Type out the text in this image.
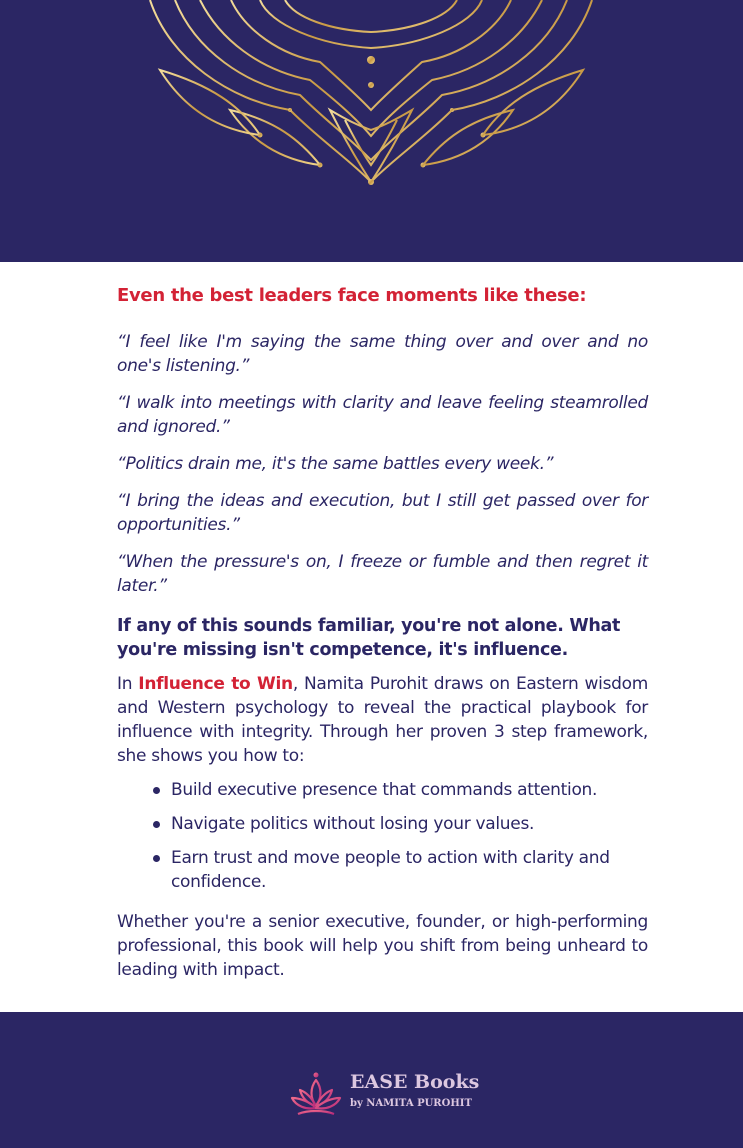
Even the best leaders face moments like these:

“I feel like I'm saying the same thing over and over and no one's listening.”

“I walk into meetings with clarity and leave feeling steamrolled and ignored.”

“Politics drain me, it's the same battles every week.”

“I bring the ideas and execution, but I still get passed over for opportunities.”

“When the pressure's on, I freeze or fumble and then regret it later.”

If any of this sounds familiar, you're not alone. What you're missing isn't competence, it's influence.

In Influence to Win, Namita Purohit draws on Eastern wisdom and Western psychology to reveal the practical playbook for influence with integrity. Through her proven 3 step framework, she shows you how to:

Build executive presence that commands attention.
Navigate politics without losing your values.
Earn trust and move people to action with clarity and confidence.

Whether you're a senior executive, founder, or high-performing professional, this book will help you shift from being unheard to leading with impact.

EASE Books
by NAMITA PUROHIT
